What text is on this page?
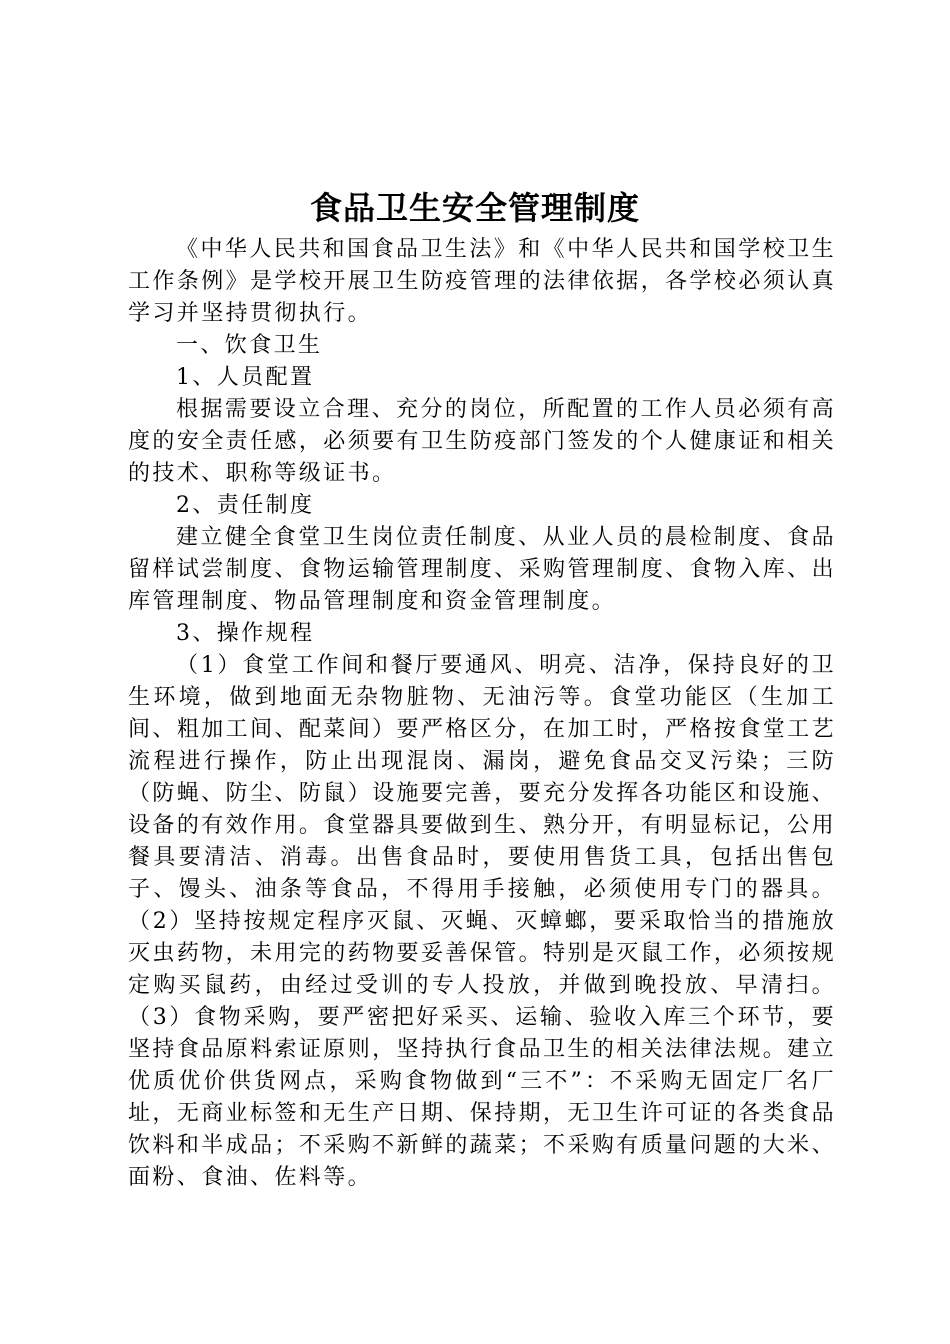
食品卫生安全管理制度

《中华人民共和国食品卫生法》和《中华人民共和国学校卫生工作条例》是学校开展卫生防疫管理的法律依据，各学校必须认真学习并坚持贯彻执行。

一、饮食卫生

1、人员配置

根据需要设立合理、充分的岗位，所配置的工作人员必须有高度的安全责任感，必须要有卫生防疫部门签发的个人健康证和相关的技术、职称等级证书。

2、责任制度

建立健全食堂卫生岗位责任制度、从业人员的晨检制度、食品留样试尝制度、食物运输管理制度、采购管理制度、食物入库、出库管理制度、物品管理制度和资金管理制度。

3、操作规程

（1）食堂工作间和餐厅要通风、明亮、洁净，保持良好的卫生环境，做到地面无杂物脏物、无油污等。食堂功能区（生加工间、粗加工间、配菜间）要严格区分，在加工时，严格按食堂工艺流程进行操作，防止出现混岗、漏岗，避免食品交叉污染；三防（防蝇、防尘、防鼠）设施要完善，要充分发挥各功能区和设施、设备的有效作用。食堂器具要做到生、熟分开，有明显标记，公用餐具要清洁、消毒。出售食品时，要使用售货工具，包括出售包子、馒头、油条等食品，不得用手接触，必须使用专门的器具。（2）坚持按规定程序灭鼠、灭蝇、灭蟑螂，要采取恰当的措施放灭虫药物，未用完的药物要妥善保管。特别是灭鼠工作，必须按规定购买鼠药，由经过受训的专人投放，并做到晚投放、早清扫。（3）食物采购，要严密把好采买、运输、验收入库三个环节，要坚持食品原料索证原则，坚持执行食品卫生的相关法律法规。建立优质优价供货网点，采购食物做到“三不”：不采购无固定厂名厂址，无商业标签和无生产日期、保持期，无卫生许可证的各类食品饮料和半成品；不采购不新鲜的蔬菜；不采购有质量问题的大米、面粉、食油、佐料等。
